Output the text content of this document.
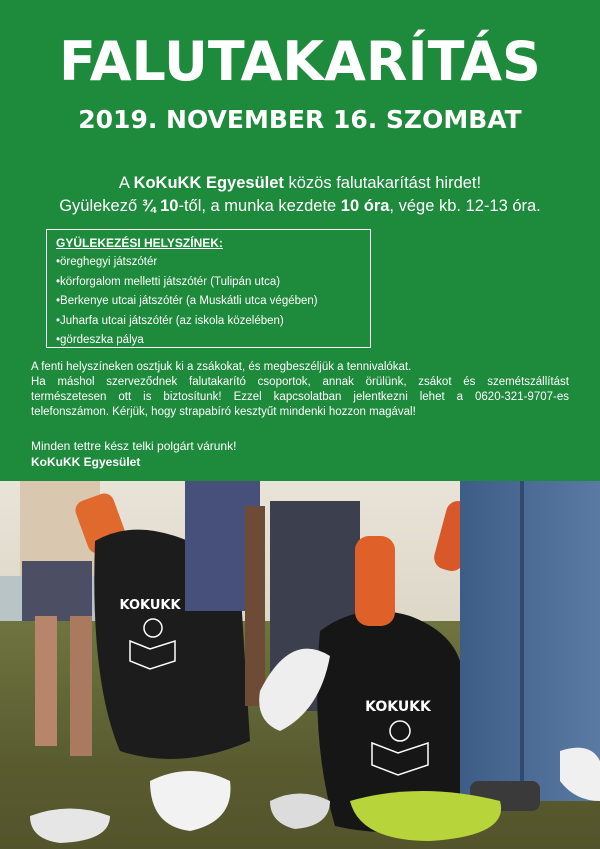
FALUTAKARÍTÁS
2019. NOVEMBER 16. SZOMBAT
A KoKuKK Egyesület közös falutakarítást hirdet!
Gyülekező ¾ 10-től, a munka kezdete 10 óra, vége kb. 12-13 óra.
GYÜLEKEZÉSI HELYSZÍNEK:
• öreghegyi játszótér
• körforgalom melletti játszótér (Tulipán utca)
• Berkenye utcai játszótér (a Muskátli utca végében)
• Juharfa utcai játszótér (az iskola közelében)
• gördeszka pálya

A fenti helyszíneken osztjuk ki a zsákokat, és megbeszéljük a tennivalókat.

Ha máshol szerveződnek falutakarító csoportok, annak örülünk, zsákot és szemétszállítást természetesen ott is biztosítunk! Ezzel kapcsolatban jelentkezni lehet a 0620-321-9707-es telefonszámon. Kérjük, hogy strapabíró kesztyűt mindenki hozzon magával!

Minden tettre kész telki polgárt várunk!
KoKuKK Egyesület
KOKUKK
KOKUKK
